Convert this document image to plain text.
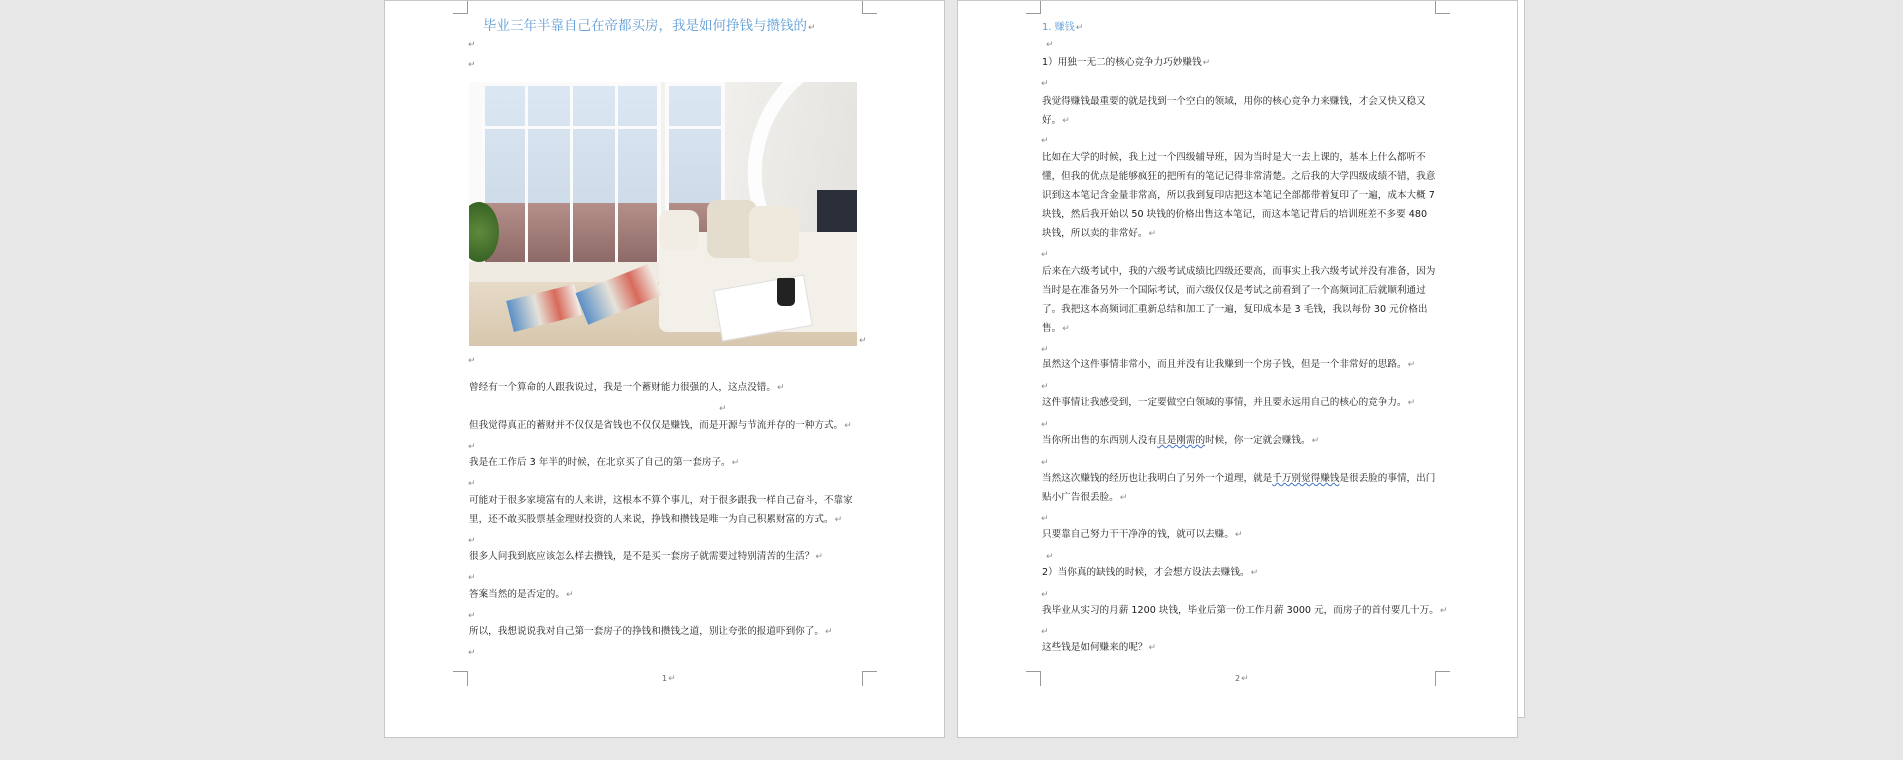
毕业三年半靠自己在帝都买房，我是如何挣钱与攒钱的↵
↵
↵
↵
↵
曾经有一个算命的人跟我说过，我是一个蓄财能力很强的人，这点没错。↵
↵
但我觉得真正的蓄财并不仅仅是省钱也不仅仅是赚钱，而是开源与节流并存的一种方式。↵
↵
我是在工作后 3 年半的时候，在北京买了自己的第一套房子。↵
↵
可能对于很多家境富有的人来讲，这根本不算个事儿，对于很多跟我一样自己奋斗，不靠家里，还不敢买股票基金理财投资的人来说，挣钱和攒钱是唯一为自己积累财富的方式。↵
↵
很多人问我到底应该怎么样去攒钱，是不是买一套房子就需要过特别清苦的生活？↵
↵
答案当然的是否定的。↵
↵
所以，我想说说我对自己第一套房子的挣钱和攒钱之道，别让夸张的报道吓到你了。↵
↵
1↵
1. 赚钱↵
↵
1）用独一无二的核心竞争力巧妙赚钱↵
↵
我觉得赚钱最重要的就是找到一个空白的领域，用你的核心竞争力来赚钱，才会又快又稳又好。↵
↵
比如在大学的时候，我上过一个四级辅导班，因为当时是大一去上课的，基本上什么都听不懂，但我的优点是能够疯狂的把所有的笔记记得非常清楚。之后我的大学四级成绩不错，我意识到这本笔记含金量非常高，所以我到复印店把这本笔记全部都带着复印了一遍，成本大概 7 块钱，然后我开始以 50 块钱的价格出售这本笔记，而这本笔记背后的培训班差不多要 480 块钱，所以卖的非常好。↵
↵
后来在六级考试中，我的六级考试成绩比四级还要高，而事实上我六级考试并没有准备，因为当时是在准备另外一个国际考试，而六级仅仅是考试之前看到了一个高频词汇后就顺利通过了。我把这本高频词汇重新总结和加工了一遍，复印成本是 3 毛钱，我以每份 30 元价格出售。↵
↵
虽然这个这件事情非常小，而且并没有让我赚到一个房子钱，但是一个非常好的思路。↵
↵
这件事情让我感受到，一定要做空白领域的事情，并且要永远用自己的核心的竞争力。↵
↵
当你所出售的东西别人没有且是刚需的时候，你一定就会赚钱。↵
↵
当然这次赚钱的经历也让我明白了另外一个道理，就是千万别觉得赚钱是很丢脸的事情，出门贴小广告很丢脸。↵
↵
只要靠自己努力干干净净的钱，就可以去赚。↵
↵
2）当你真的缺钱的时候，才会想方设法去赚钱。↵
↵
我毕业从实习的月薪 1200 块钱，毕业后第一份工作月薪 3000 元，而房子的首付要几十万。↵
↵
这些钱是如何赚来的呢？↵
2↵
